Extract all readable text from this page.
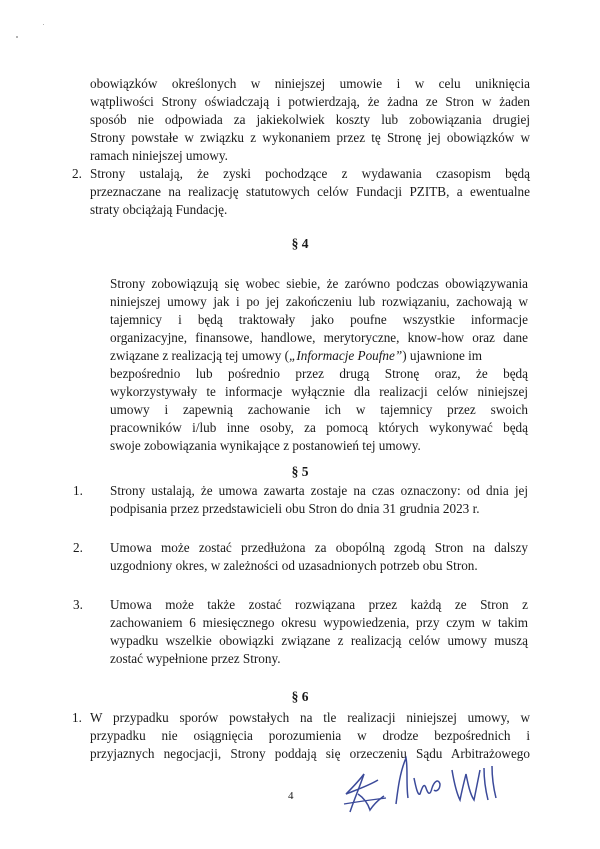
obowiązków określonych w niniejszej umowie i w celu uniknięcia
wątpliwości Strony oświadczają i potwierdzają, że żadna ze Stron w żaden
sposób nie odpowiada za jakiekolwiek koszty lub zobowiązania drugiej
Strony powstałe w związku z wykonaniem przez tę Stronę jej obowiązków w
ramach niniejszej umowy.
2. Strony ustalają, że zyski pochodzące z wydawania czasopism będą
przeznaczane na realizację statutowych celów Fundacji PZITB, a ewentualne
straty obciążają Fundację.
§ 4
Strony zobowiązują się wobec siebie, że zarówno podczas obowiązywania
niniejszej umowy jak i po jej zakończeniu lub rozwiązaniu, zachowają w
tajemnicy i będą traktowały jako poufne wszystkie informacje
organizacyjne, finansowe, handlowe, merytoryczne, know-how oraz dane
związane z realizacją tej umowy („Informacje Poufne”) ujawnione im
bezpośrednio lub pośrednio przez drugą Stronę oraz, że będą
wykorzystywały te informacje wyłącznie dla realizacji celów niniejszej
umowy i zapewnią zachowanie ich w tajemnicy przez swoich
pracowników i/lub inne osoby, za pomocą których wykonywać będą
swoje zobowiązania wynikające z postanowień tej umowy.
§ 5
1. Strony ustalają, że umowa zawarta zostaje na czas oznaczony: od dnia jej
podpisania przez przedstawicieli obu Stron do dnia 31 grudnia 2023 r.
2. Umowa może zostać przedłużona za obopólną zgodą Stron na dalszy
uzgodniony okres, w zależności od uzasadnionych potrzeb obu Stron.
3. Umowa może także zostać rozwiązana przez każdą ze Stron z
zachowaniem 6 miesięcznego okresu wypowiedzenia, przy czym w takim
wypadku wszelkie obowiązki związane z realizacją celów umowy muszą
zostać wypełnione przez Strony.
§ 6
1. W przypadku sporów powstałych na tle realizacji niniejszej umowy, w
przypadku nie osiągnięcia porozumienia w drodze bezpośrednich i
przyjaznych negocjacji, Strony poddają się orzeczeniu Sądu Arbitrażowego
4
